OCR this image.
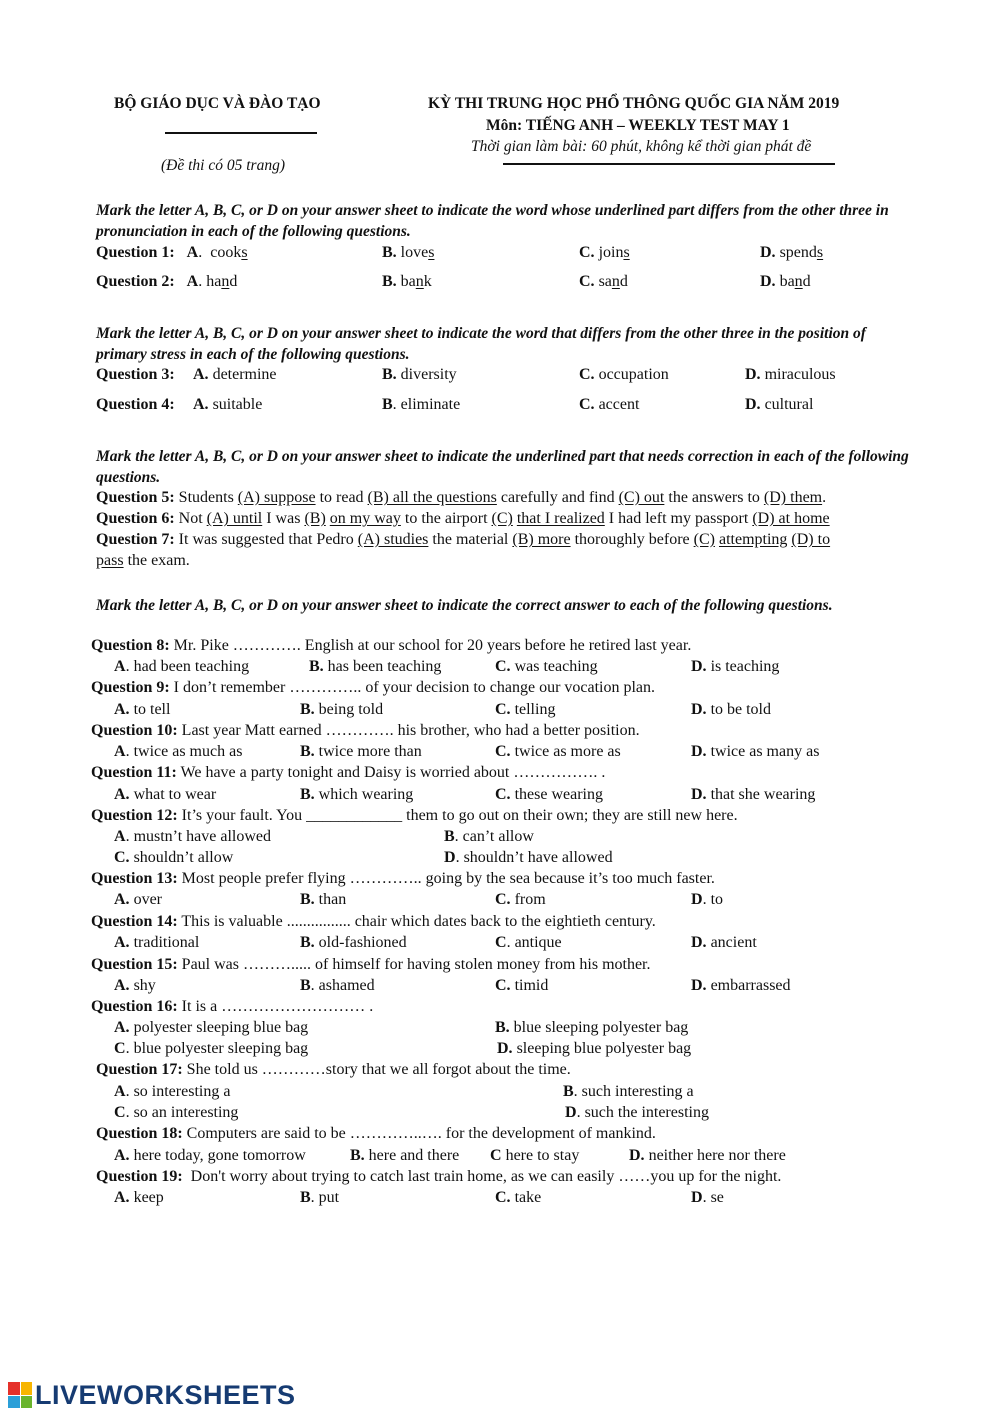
BỘ GIÁO DỤC VÀ ĐÀO TẠO
(Đề thi có 05 trang)
KỲ THI TRUNG HỌC PHỔ THÔNG QUỐC GIA NĂM 2019
Môn: TIẾNG ANH – WEEKLY TEST MAY 1
Thời gian làm bài: 60 phút, không kể thời gian phát đề
Mark the letter A, B, C, or D on your answer sheet to indicate the word whose underlined part differs from the other three in pronunciation in each of the following questions.
Question 1: A.  cooks	B. loves	C. joins	D. spends
Question 2: A. hand	B. bank	C. sand	D. band
Mark the letter A, B, C, or D on your answer sheet to indicate the word that differs from the other three in the position of primary stress in each of the following questions.
Question 3: A. determine	B. diversity	C. occupation	D. miraculous
Question 4: A. suitable	B. eliminate	C. accent	D. cultural
Mark the letter A, B, C, or D on your answer sheet to indicate the underlined part that needs correction in each of the following questions.
Question 5: Students (A) suppose to read (B) all the questions carefully and find (C) out the answers to (D) them.
Question 6: Not (A) until I was (B) on my way to the airport (C) that I realized I had left my passport (D) at home
Question 7: It was suggested that Pedro (A) studies the material (B) more thoroughly before (C) attempting (D) to
pass the exam.
Mark the letter A, B, C, or D on your answer sheet to indicate the correct answer to each of the following questions.
Question 8: Mr. Pike …………. English at our school for 20 years before he retired last year.
A. had been teaching	B. has been teaching	C. was teaching	D. is teaching
Question 9: I don’t remember ………….. of your decision to change our vocation plan.
A. to tell	B. being told	C. telling	D. to be told
Question 10: Last year Matt earned …………. his brother, who had a better position.
A. twice as much as	B. twice more than	C. twice as more as	D. twice as many as
Question 11: We have a party tonight and Daisy is worried about ……………. .
A. what to wear	B. which wearing	C. these wearing	D. that she wearing
Question 12: It’s your fault. You ____________ them to go out on their own; they are still new here.
A. mustn’t have allowed	B. can’t allow
C. shouldn’t allow	D. shouldn’t have allowed
Question 13: Most people prefer flying ………….. going by the sea because it’s too much faster.
A. over	B. than	C. from	D. to
Question 14: This is valuable ................ chair which dates back to the eightieth century.
A. traditional	B. old-fashioned	C. antique	D. ancient
Question 15: Paul was ………..... of himself for having stolen money from his mother.
A. shy	B. ashamed	C. timid	D. embarrassed
Question 16: It is a ……………………… .
A. polyester sleeping blue bag	B. blue sleeping polyester bag
C. blue polyester sleeping bag	D. sleeping blue polyester bag
Question 17: She told us …………story that we all forgot about the time.
A. so interesting a	B. such interesting a
C. so an interesting	D. such the interesting
Question 18: Computers are said to be …………..…. for the development of mankind.
A. here today, gone tomorrow	B. here and there C here to stay	D. neither here nor there
Question 19: Don't worry about trying to catch last train home, as we can easily ……you up for the night.
A. keep	B. put	C. take	D. se
LIVEWORKSHEETS
